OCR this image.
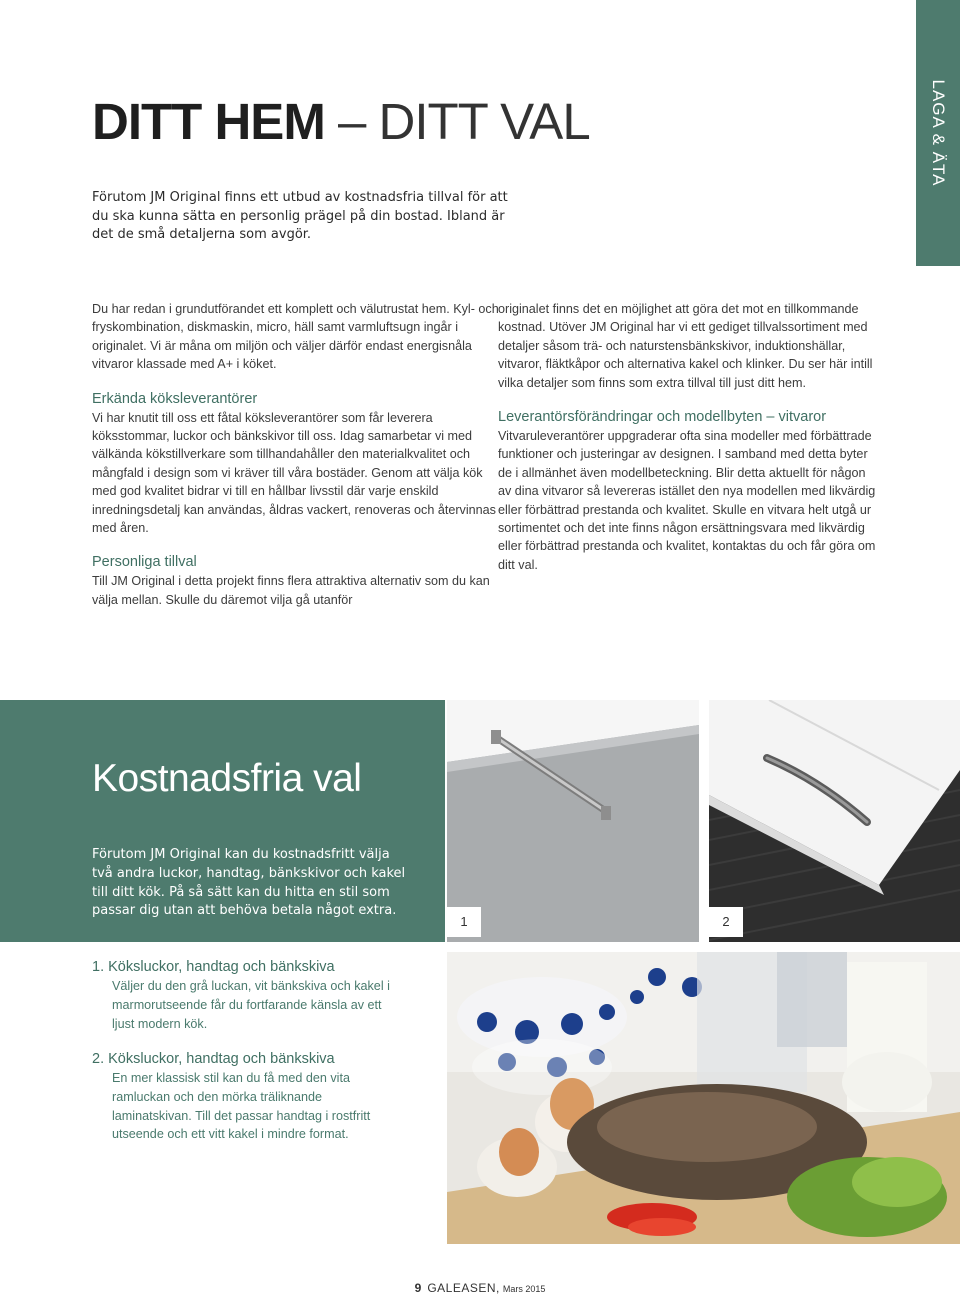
LAGA & ÄTA
DITT HEM – DITT VAL

Förutom JM Original finns ett utbud av kostnadsfria tillval för att du ska kunna sätta en personlig prägel på din bostad. Ibland är det de små detaljerna som avgör.

Du har redan i grundutförandet ett komplett och välutrustat hem. Kyl- och fryskombination, diskmaskin, micro, häll samt varmluftsugn ingår i originalet. Vi är måna om miljön och väljer därför endast energisnåla vitvaror klassade med A+ i köket.

Erkända köksleverantörer

Vi har knutit till oss ett fåtal köksleverantörer som får leverera köksstommar, luckor och bänkskivor till oss. Idag samarbetar vi med välkända kökstillverkare som tillhandahåller den materialkvalitet och mångfald i design som vi kräver till våra bostäder. Genom att välja kök med god kvalitet bidrar vi till en hållbar livsstil där varje enskild inredningsdetalj kan användas, åldras vackert, renoveras och återvinnas med åren.

Personliga tillval

Till JM Original i detta projekt finns flera attraktiva alternativ som du kan välja mellan. Skulle du däremot vilja gå utanför

originalet finns det en möjlighet att göra det mot en tillkommande kostnad. Utöver JM Original har vi ett gediget tillvalssortiment med detaljer såsom trä- och naturstensbänkskivor, induktionshällar, vitvaror, fläktkåpor och alternativa kakel och klinker. Du ser här intill vilka detaljer som finns som extra tillval till just ditt hem.

Leverantörsförändringar och modellbyten – vitvaror

Vitvaruleverantörer uppgraderar ofta sina modeller med förbättrade funktioner och justeringar av designen. I samband med detta byter de i allmänhet även modellbeteckning. Blir detta aktuellt för någon av dina vitvaror så levereras istället den nya modellen med likvärdig eller förbättrad prestanda och kvalitet. Skulle en vitvara helt utgå ur sortimentet och det inte finns någon ersättningsvara med likvärdig eller förbättrad prestanda och kvalitet, kontaktas du och får göra om ditt val.

Kostnadsfria val

Förutom JM Original kan du kostnadsfritt välja två andra luckor, handtag, bänkskivor och kakel till ditt kök. På så sätt kan du hitta en stil som passar dig utan att behöva betala något extra.

1	2
1. Köksluckor, handtag och bänkskiva

Väljer du den grå luckan, vit bänkskiva och kakel i marmorutseende får du fortfarande känsla av ett ljust modern kök.

2. Köksluckor, handtag och bänkskiva

En mer klassisk stil kan du få med den vita ramluckan och den mörka träliknande laminatskivan. Till det passar handtag i rostfritt utseende och ett vitt kakel i mindre format.

9 GALEASEN, Mars 2015
